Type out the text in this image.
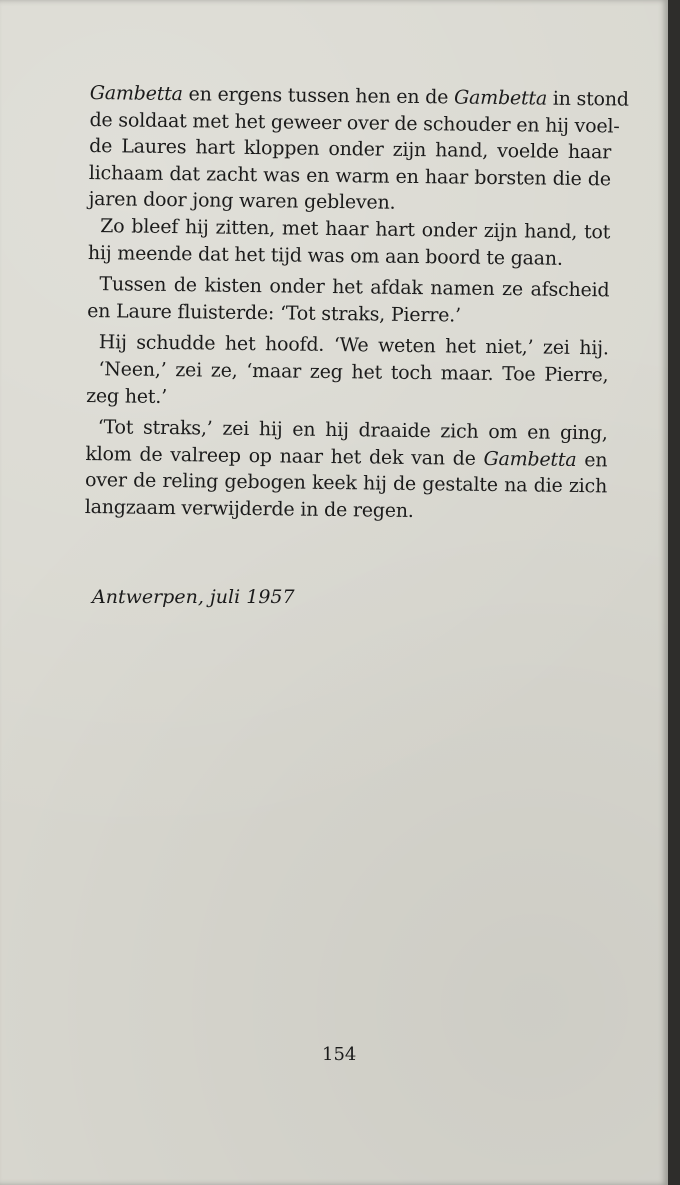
Gambetta en ergens tussen hen en de Gambetta in stond
de soldaat met het geweer over de schouder en hij voel-
de Laures hart kloppen onder zijn hand, voelde haar
lichaam dat zacht was en warm en haar borsten die de
jaren door jong waren gebleven.
Zo bleef hij zitten, met haar hart onder zijn hand, tot
hij meende dat het tijd was om aan boord te gaan.
Tussen de kisten onder het afdak namen ze afscheid
en Laure fluisterde: ‘Tot straks, Pierre.’
Hij schudde het hoofd. ‘We weten het niet,’ zei hij.
‘Neen,’ zei ze, ‘maar zeg het toch maar. Toe Pierre,
zeg het.’
‘Tot straks,’ zei hij en hij draaide zich om en ging,
klom de valreep op naar het dek van de Gambetta en
over de reling gebogen keek hij de gestalte na die zich
langzaam verwijderde in de regen.
Antwerpen, juli 1957
154
